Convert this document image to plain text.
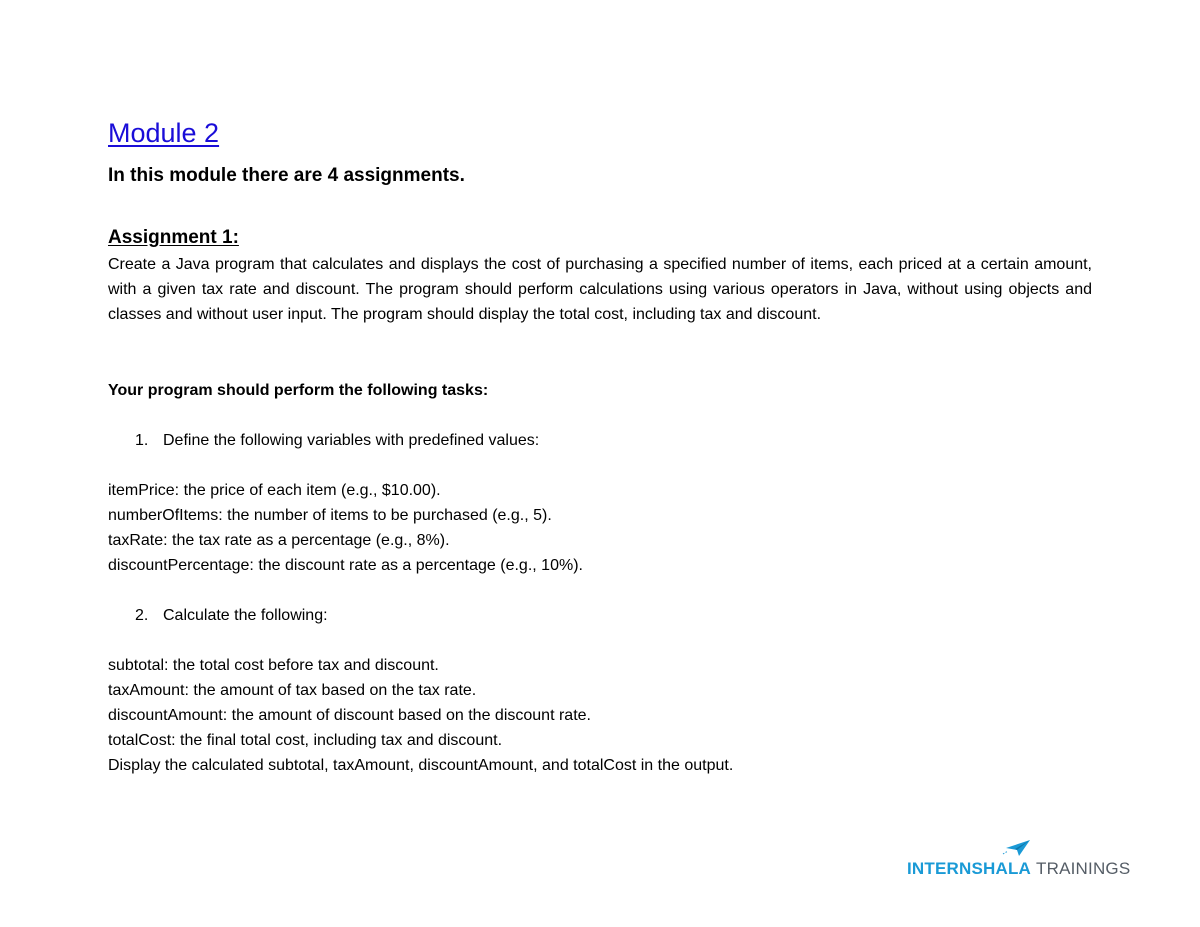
Module 2

In this module there are 4 assignments.

Assignment 1:

Create a Java program that calculates and displays the cost of purchasing a specified number of items, each priced at a certain amount, with a given tax rate and discount. The program should perform calculations using various operators in Java, without using objects and classes and without user input. The program should display the total cost, including tax and discount.

Your program should perform the following tasks:

1. Define the following variables with predefined values:

itemPrice: the price of each item (e.g., $10.00).
numberOfItems: the number of items to be purchased (e.g., 5).
taxRate: the tax rate as a percentage (e.g., 8%).
discountPercentage: the discount rate as a percentage (e.g., 10%).

2. Calculate the following:

subtotal: the total cost before tax and discount.
taxAmount: the amount of tax based on the tax rate.
discountAmount: the amount of discount based on the discount rate.
totalCost: the final total cost, including tax and discount.
Display the calculated subtotal, taxAmount, discountAmount, and totalCost in the output.
INTERNSHALA TRAININGS
